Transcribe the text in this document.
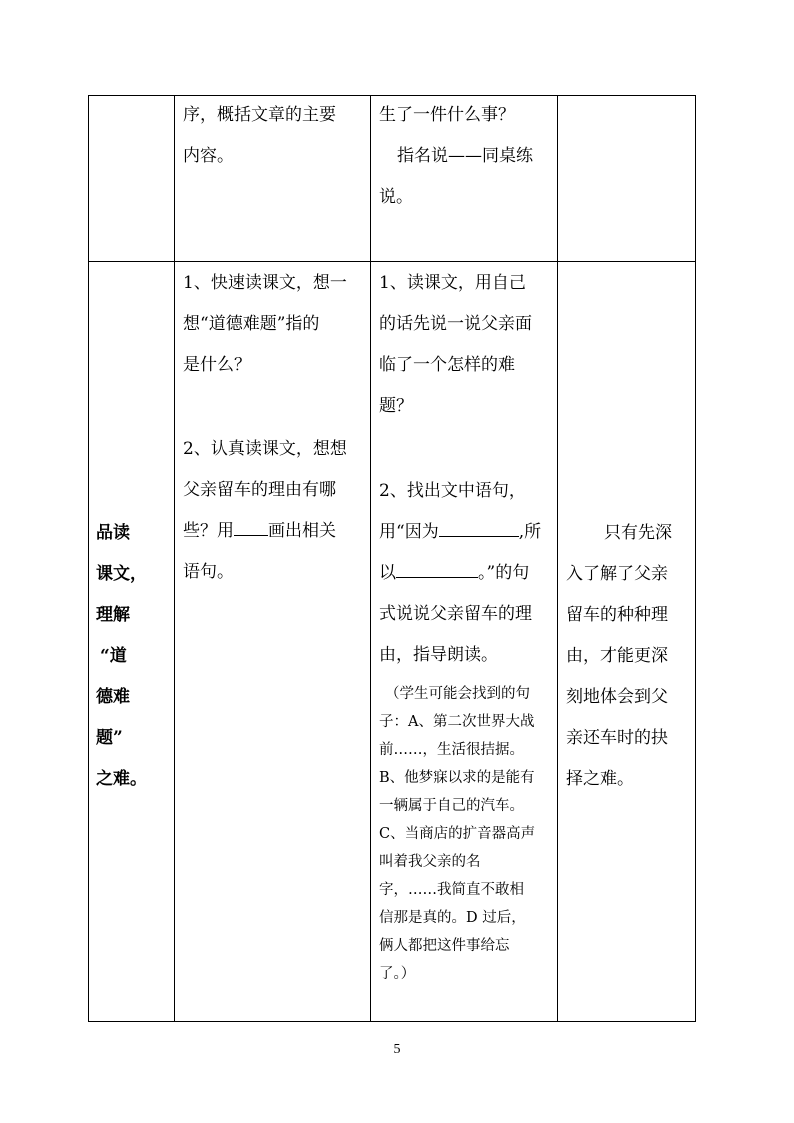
序，概括文章的主要

内容。

生了一件什么事？

指名说——同桌练

说。

品读

课文，

理解

“道

德难

题”

之难。

1、快速读课文，想一

想“道德难题”指的

是什么？

2、认真读课文，想想

父亲留车的理由有哪

些？用 画出相关

语句。

1、读课文，用自己

的话先说一说父亲面

临了一个怎样的难

题？

2、找出文中语句，

用“因为	,所

以	。”的句

式说说父亲留车的理

由，指导朗读。

（学生可能会找到的句

子：A、第二次世界大战

前……，生活很拮据。

B、他梦寐以求的是能有

一辆属于自己的汽车。

C、当商店的扩音器高声

叫着我父亲的名

字，……我简直不敢相

信那是真的。D 过后，

俩人都把这件事给忘

了。）

只有先深

入了解了父亲

留车的种种理

由，才能更深

刻地体会到父

亲还车时的抉

择之难。

5
